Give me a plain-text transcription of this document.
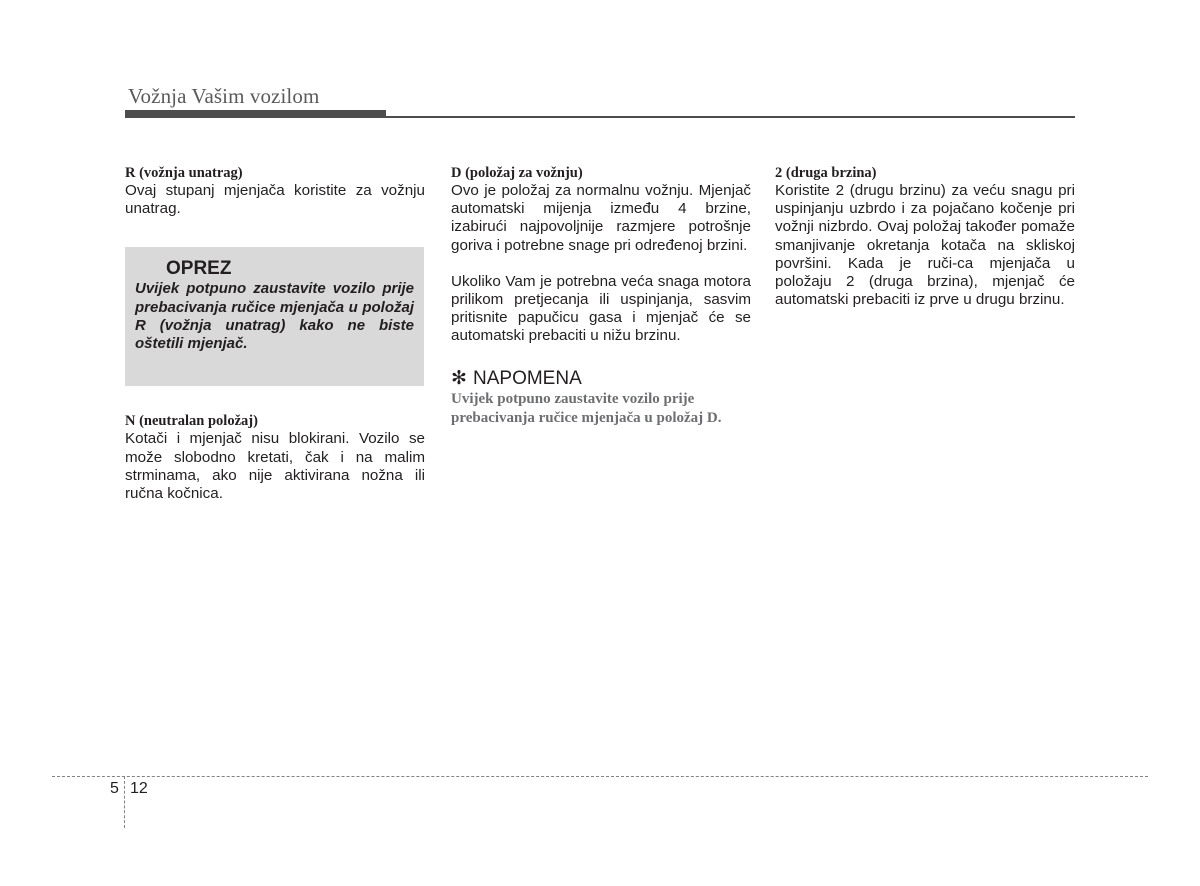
Vožnja Vašim vozilom
R (vožnja unatrag)
Ovaj stupanj mjenjača koristite za vožnju unatrag.
OPREZ
Uvijek potpuno zaustavite vozilo prije prebacivanja ručice mjenjača u položaj R (vožnja unatrag) kako ne biste oštetili mjenjač.
N (neutralan položaj)
Kotači i mjenjač nisu blokirani. Vozilo se može slobodno kretati, čak i na malim strminama, ako nije aktivirana nožna ili ručna kočnica.
D (položaj za vožnju)
Ovo je položaj za normalnu vožnju. Mjenjač automatski mijenja između 4 brzine, izabirući najpovoljnije razmjere potrošnje goriva i potrebne snage pri određenoj brzini.
Ukoliko Vam je potrebna veća snaga motora prilikom pretjecanja ili uspinjanja, sasvim pritisnite papučicu gasa i mjenjač će se automatski prebaciti u nižu brzinu.
✻ NAPOMENA
Uvijek potpuno zaustavite vozilo prije prebacivanja ručice mjenjača u položaj D.
2 (druga brzina)
Koristite 2 (drugu brzinu) za veću snagu pri uspinjanju uzbrdo i za pojačano kočenje pri vožnji nizbrdo. Ovaj položaj također pomaže smanjivanje okretanja kotača na skliskoj površini. Kada je ruči-ca mjenjača u položaju 2 (druga brzina), mjenjač će automatski prebaciti iz prve u drugu brzinu.
5 12
